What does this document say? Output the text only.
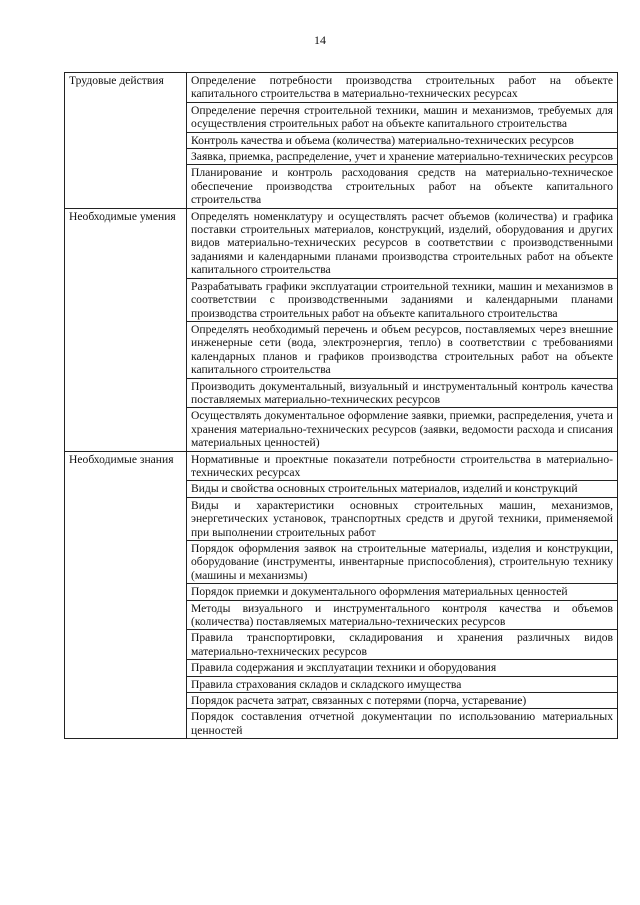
14
Трудовые действия	Определение потребности производства строительных работ на объекте капитального строительства в материально-технических ресурсах
	Определение перечня строительной техники, машин и механизмов, требуемых для осуществления строительных работ на объекте капитального строительства
	Контроль качества и объема (количества) материально-технических ресурсов
	Заявка, приемка, распределение, учет и хранение материально-технических ресурсов
	Планирование и контроль расходования средств на материально-техническое обеспечение производства строительных работ на объекте капитального строительства
Необходимые умения	Определять номенклатуру и осуществлять расчет объемов (количества) и графика поставки строительных материалов, конструкций, изделий, оборудования и других видов материально-технических ресурсов в соответствии с производственными заданиями и календарными планами производства строительных работ на объекте капитального строительства
	Разрабатывать графики эксплуатации строительной техники, машин и механизмов в соответствии с производственными заданиями и календарными планами производства строительных работ на объекте капитального строительства
	Определять необходимый перечень и объем ресурсов, поставляемых через внешние инженерные сети (вода, электроэнергия, тепло) в соответствии с требованиями календарных планов и графиков производства строительных работ на объекте капитального строительства
	Производить документальный, визуальный и инструментальный контроль качества поставляемых материально-технических ресурсов
	Осуществлять документальное оформление заявки, приемки, распределения, учета и хранения материально-технических ресурсов (заявки, ведомости расхода и списания материальных ценностей)
Необходимые знания	Нормативные и проектные показатели потребности строительства в материально-технических ресурсах
	Виды и свойства основных строительных материалов, изделий и конструкций
	Виды и характеристики основных строительных машин, механизмов, энергетических установок, транспортных средств и другой техники, применяемой при выполнении строительных работ
	Порядок оформления заявок на строительные материалы, изделия и конструкции, оборудование (инструменты, инвентарные приспособления), строительную технику (машины и механизмы)
	Порядок приемки и документального оформления материальных ценностей
	Методы визуального и инструментального контроля качества и объемов (количества) поставляемых материально-технических ресурсов
	Правила транспортировки, складирования и хранения различных видов материально-технических ресурсов
	Правила содержания и эксплуатации техники и оборудования
	Правила страхования складов и складского имущества
	Порядок расчета затрат, связанных с потерями (порча, устаревание)
	Порядок составления отчетной документации по использованию материальных ценностей
